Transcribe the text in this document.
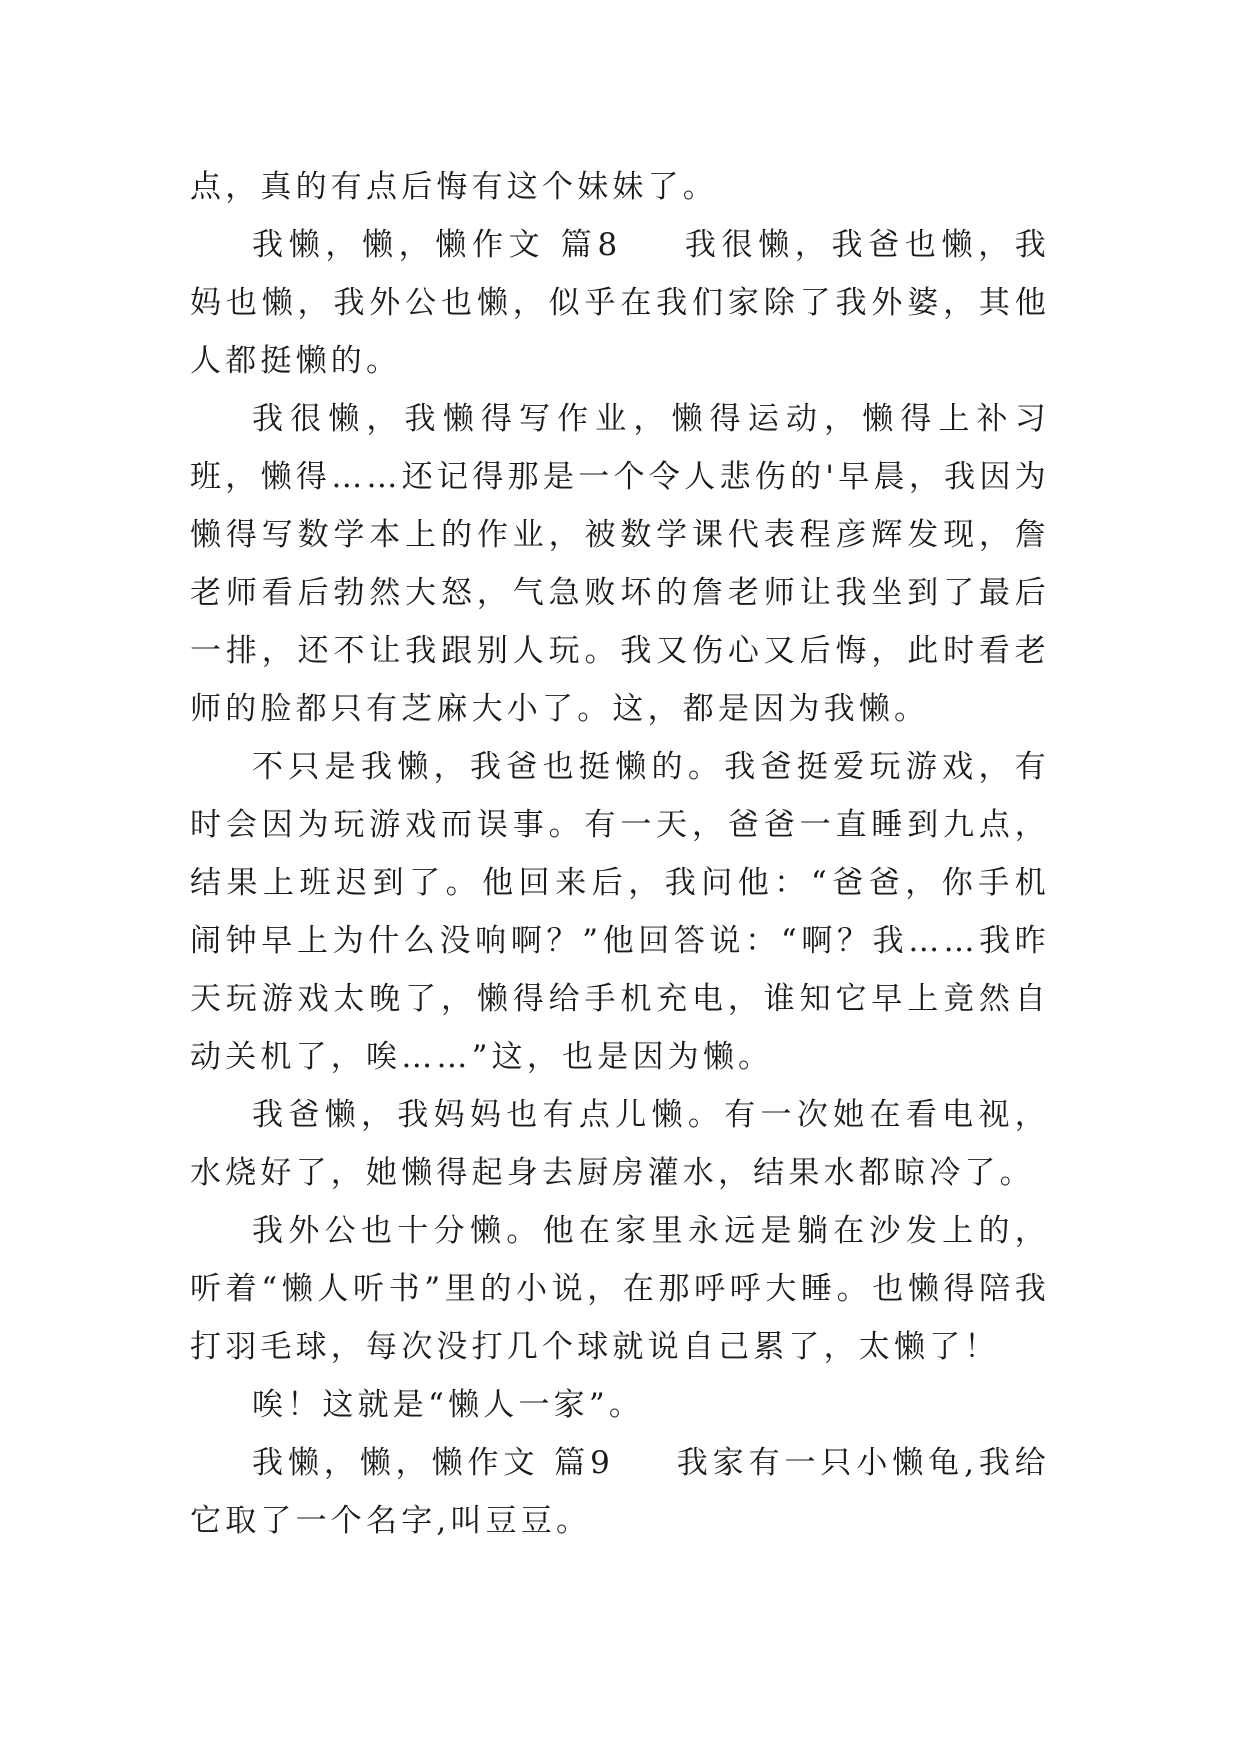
点，真的有点后悔有这个妹妹了。

我懒，懒，懒作文 篇8 我很懒，我爸也懒，我妈也懒，我外公也懒，似乎在我们家除了我外婆，其他人都挺懒的。

我很懒，我懒得写作业，懒得运动，懒得上补习班，懒得……还记得那是一个令人悲伤的'早晨，我因为懒得写数学本上的作业，被数学课代表程彦辉发现，詹老师看后勃然大怒，气急败坏的詹老师让我坐到了最后一排，还不让我跟别人玩。我又伤心又后悔，此时看老师的脸都只有芝麻大小了。这，都是因为我懒。

不只是我懒，我爸也挺懒的。我爸挺爱玩游戏，有时会因为玩游戏而误事。有一天，爸爸一直睡到九点，结果上班迟到了。他回来后，我问他：“爸爸，你手机闹钟早上为什么没响啊？”他回答说：“啊？我……我昨天玩游戏太晚了，懒得给手机充电，谁知它早上竟然自动关机了，唉……”这，也是因为懒。

我爸懒，我妈妈也有点儿懒。有一次她在看电视，水烧好了，她懒得起身去厨房灌水，结果水都晾冷了。

我外公也十分懒。他在家里永远是躺在沙发上的，听着“懒人听书”里的小说，在那呼呼大睡。也懒得陪我打羽毛球，每次没打几个球就说自己累了，太懒了！

唉！这就是“懒人一家”。

我懒，懒，懒作文 篇9 我家有一只小懒龟,我给它取了一个名字,叫豆豆。
